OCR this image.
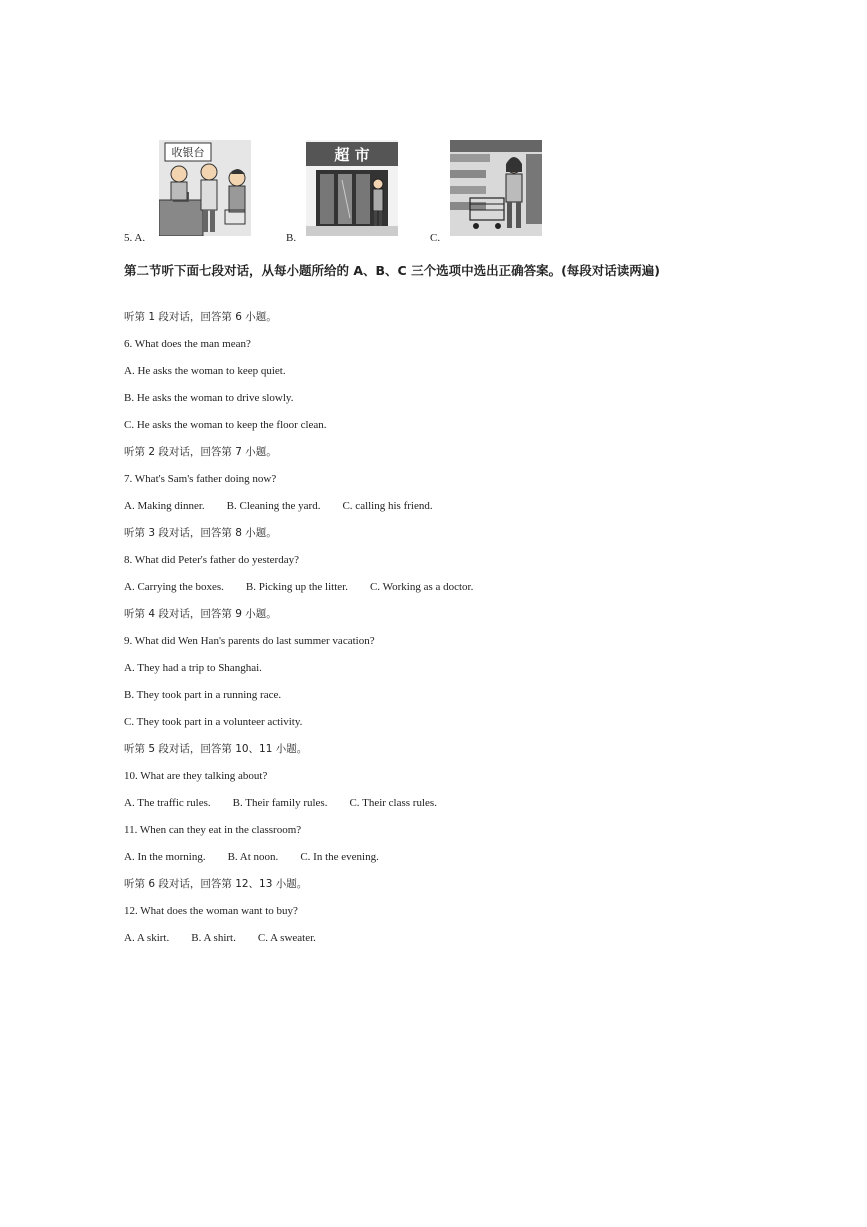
5. A.
收银台
B.
超 市
C.
第二节听下面七段对话，从每小题所给的 A、B、C 三个选项中选出正确答案。(每段对话读两遍)
听第 1 段对话，回答第 6 小题。
6. What does the man mean?
A. He asks the woman to keep quiet.
B. He asks the woman to drive slowly.
C. He asks the woman to keep the floor clean.
听第 2 段对话，回答第 7 小题。
7. What's Sam's father doing now?
A. Making dinner. B. Cleaning the yard. C. calling his friend.
听第 3 段对话，回答第 8 小题。
8. What did Peter's father do yesterday?
A. Carrying the boxes. B. Picking up the litter. C. Working as a doctor.
听第 4 段对话，回答第 9 小题。
9. What did Wen Han's parents do last summer vacation?
A. They had a trip to Shanghai.
B. They took part in a running race.
C. They took part in a volunteer activity.
听第 5 段对话，回答第 10、11 小题。
10. What are they talking about?
A. The traffic rules. B. Their family rules. C. Their class rules.
11. When can they eat in the classroom?
A. In the morning. B. At noon. C. In the evening.
听第 6 段对话，回答第 12、13 小题。
12. What does the woman want to buy?
A. A skirt. B. A shirt. C. A sweater.
